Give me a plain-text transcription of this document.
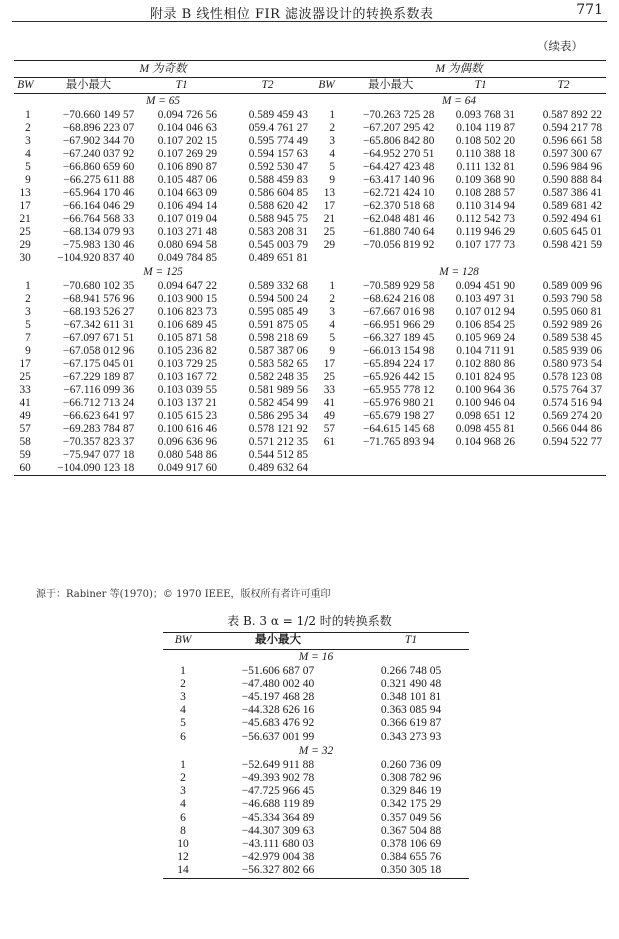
附录 B 线性相位 FIR 滤波器设计的转换系数表	771
（续表）
M 为奇数				M 为偶数			
BW	最小最大	T1	T2	BW	最小最大	T1	T2
M = 65				M = 64			
1	−70.660 149 57	0.094 726 56	0.589 459 43	1	−70.263 725 28	0.093 768 31	0.587 892 22
2	−68.896 223 07	0.104 046 63	059.4 761 27	2	−67.207 295 42	0.104 119 87	0.594 217 78
3	−67.902 344 70	0.107 202 15	0.595 774 49	3	−65.806 842 80	0.108 502 20	0.596 661 58
4	−67.240 037 92	0.107 269 29	0.594 157 63	4	−64.952 270 51	0.110 388 18	0.597 300 67
5	−66.860 659 60	0.106 890 87	0.592 530 47	5	−64.427 423 48	0.111 132 81	0.596 984 96
9	−66.275 611 88	0.105 487 06	0.588 459 83	9	−63.417 140 96	0.109 368 90	0.590 888 84
13	−65.964 170 46	0.104 663 09	0.586 604 85	13	−62.721 424 10	0.108 288 57	0.587 386 41
17	−66.164 046 29	0.106 494 14	0.588 620 42	17	−62.370 518 68	0.110 314 94	0.589 681 42
21	−66.764 568 33	0.107 019 04	0.588 945 75	21	−62.048 481 46	0.112 542 73	0.592 494 61
25	−68.134 079 93	0.103 271 48	0.583 208 31	25	−61.880 740 64	0.119 946 29	0.605 645 01
29	−75.983 130 46	0.080 694 58	0.545 003 79	29	−70.056 819 92	0.107 177 73	0.598 421 59
30	−104.920 837 40	0.049 784 85	0.489 651 81				
M = 125				M = 128			
1	−70.680 102 35	0.094 647 22	0.589 332 68	1	−70.589 929 58	0.094 451 90	0.589 009 96
2	−68.941 576 96	0.103 900 15	0.594 500 24	2	−68.624 216 08	0.103 497 31	0.593 790 58
3	−68.193 526 27	0.106 823 73	0.595 085 49	3	−67.667 016 98	0.107 012 94	0.595 060 81
5	−67.342 611 31	0.106 689 45	0.591 875 05	4	−66.951 966 29	0.106 854 25	0.592 989 26
7	−67.097 671 51	0.105 871 58	0.598 218 69	5	−66.327 189 45	0.105 969 24	0.589 538 45
9	−67.058 012 96	0.105 236 82	0.587 387 06	9	−66.013 154 98	0.104 711 91	0.585 939 06
17	−67.175 045 01	0.103 729 25	0.583 582 65	17	−65.894 224 17	0.102 880 86	0.580 973 54
25	−67.229 189 87	0.103 167 72	0.582 248 35	25	−65.926 442 15	0.101 824 95	0.578 123 08
33	−67.116 099 36	0.103 039 55	0.581 989 56	33	−65.955 778 12	0.100 964 36	0.575 764 37
41	−66.712 713 24	0.103 137 21	0.582 454 99	41	−65.976 980 21	0.100 946 04	0.574 516 94
49	−66.623 641 97	0.105 615 23	0.586 295 34	49	−65.679 198 27	0.098 651 12	0.569 274 20
57	−69.283 784 87	0.100 616 46	0.578 121 92	57	−64.615 145 68	0.098 455 81	0.566 044 86
58	−70.357 823 37	0.096 636 96	0.571 212 35	61	−71.765 893 94	0.104 968 26	0.594 522 77
59	−75.947 077 18	0.080 548 86	0.544 512 85				
60	−104.090 123 18	0.049 917 60	0.489 632 64				
源于：Rabiner 等(1970)；© 1970 IEEE，版权所有者许可重印
表 B. 3 α = 1/2 时的转换系数
BW	最小最大	T1
M = 16		
1	−51.606 687 07	0.266 748 05
2	−47.480 002 40	0.321 490 48
3	−45.197 468 28	0.348 101 81
4	−44.328 626 16	0.363 085 94
5	−45.683 476 92	0.366 619 87
6	−56.637 001 99	0.343 273 93
M = 32		
1	−52.649 911 88	0.260 736 09
2	−49.393 902 78	0.308 782 96
3	−47.725 966 45	0.329 846 19
4	−46.688 119 89	0.342 175 29
6	−45.334 364 89	0.357 049 56
8	−44.307 309 63	0.367 504 88
10	−43.111 680 03	0.378 106 69
12	−42.979 004 38	0.384 655 76
14	−56.327 802 66	0.350 305 18
